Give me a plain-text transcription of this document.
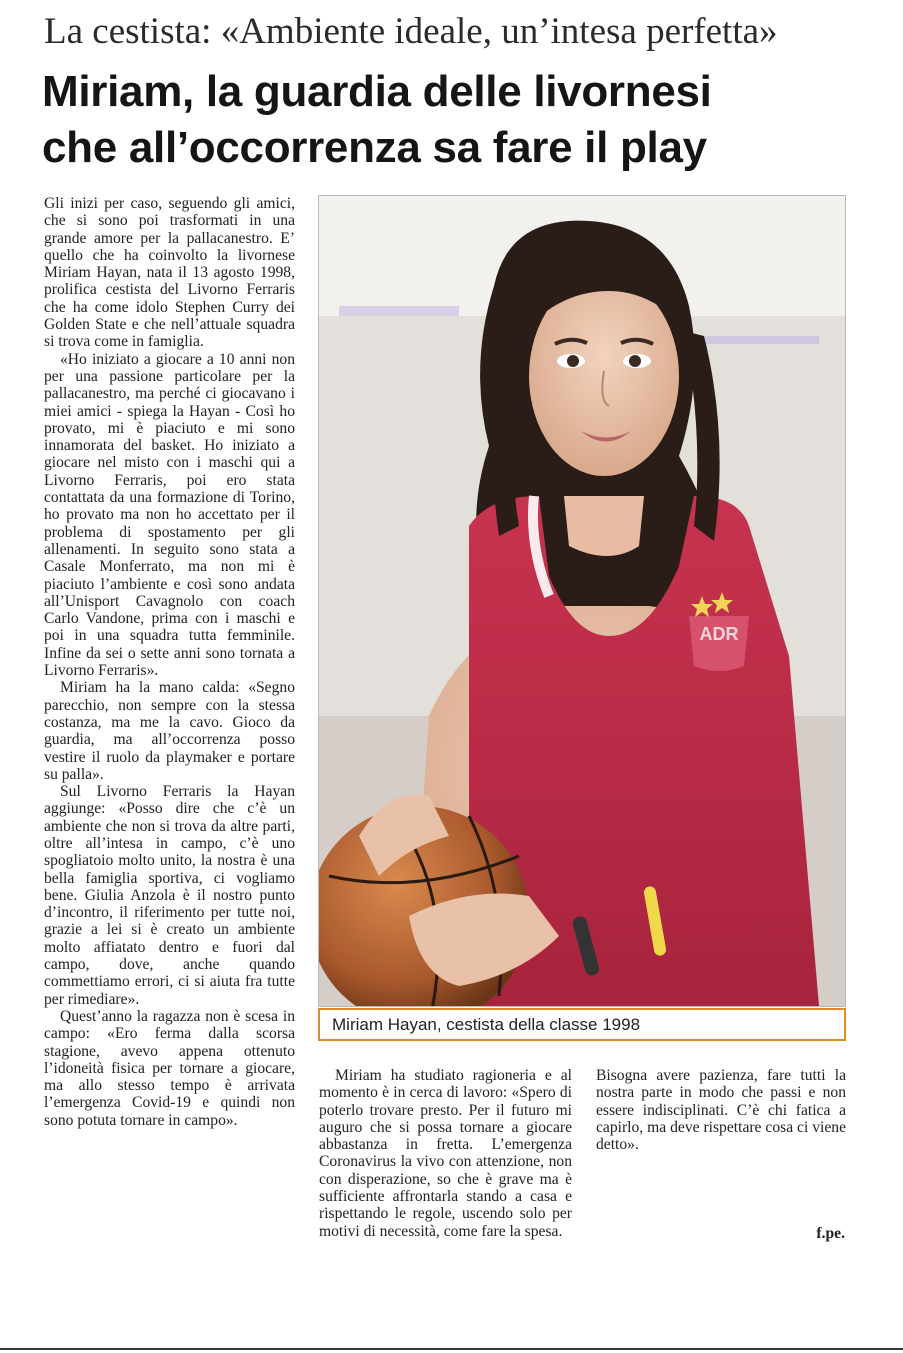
La cestista: «Ambiente ideale, un’intesa perfetta»
Miriam, la guardia delle livornesi
che all’occorrenza sa fare il play

Gli inizi per caso, seguendo gli amici, che si sono poi trasformati in una grande amore per la pallacanestro. E’ quello che ha coinvolto la livornese Miriam Hayan, nata il 13 agosto 1998, prolifica cestista del Livorno Ferraris che ha come idolo Stephen Curry dei Golden State e che nell’attuale squadra si trova come in famiglia.

«Ho iniziato a giocare a 10 anni non per una passione particolare per la pallacanestro, ma perché ci giocavano i miei amici - spiega la Hayan - Così ho provato, mi è piaciuto e mi sono innamorata del basket. Ho iniziato a giocare nel misto con i maschi qui a Livorno Ferraris, poi ero stata contattata da una formazione di Torino, ho provato ma non ho accettato per il problema di spostamento per gli allenamenti. In seguito sono stata a Casale Monferrato, ma non mi è piaciuto l’ambiente e così sono andata all’Unisport Cavagnolo con coach Carlo Vandone, prima con i maschi e poi in una squadra tutta femminile. Infine da sei o sette anni sono tornata a Livorno Ferraris».

Miriam ha la mano calda: «Segno parecchio, non sempre con la stessa costanza, ma me la cavo. Gioco da guardia, ma all’occorrenza posso vestire il ruolo da playmaker e portare su palla».

Sul Livorno Ferraris la Hayan aggiunge: «Posso dire che c’è un ambiente che non si trova da altre parti, oltre all’intesa in campo, c’è uno spogliatoio molto unito, la nostra è una bella famiglia sportiva, ci vogliamo bene. Giulia Anzola è il nostro punto d’incontro, il riferimento per tutte noi, grazie a lei si è creato un ambiente molto affiatato dentro e fuori dal campo, dove, anche quando commettiamo errori, ci si aiuta fra tutte per rimediare».

Quest’anno la ragazza non è scesa in campo: «Ero ferma dalla scorsa stagione, avevo appena ottenuto l’idoneità fisica per tornare a giocare, ma allo stesso tempo è arrivata l’emergenza Covid-19 e quindi non sono potuta tornare in campo».

ADR
Miriam Hayan, cestista della classe 1998

Miriam ha studiato ragioneria e al momento è in cerca di lavoro: «Spero di poterlo trovare presto. Per il futuro mi auguro che si possa tornare a giocare abbastanza in fretta. L’emergenza Coronavirus la vivo con attenzione, non con disperazione, so che è grave ma è sufficiente affrontarla stando a casa e rispettando le regole, uscendo solo per motivi di necessità, come fare la spesa.

Bisogna avere pazienza, fare tutti la nostra parte in modo che passi e non essere indisciplinati. C’è chi fatica a capirlo, ma deve rispettare cosa ci viene detto».

f.pe.
